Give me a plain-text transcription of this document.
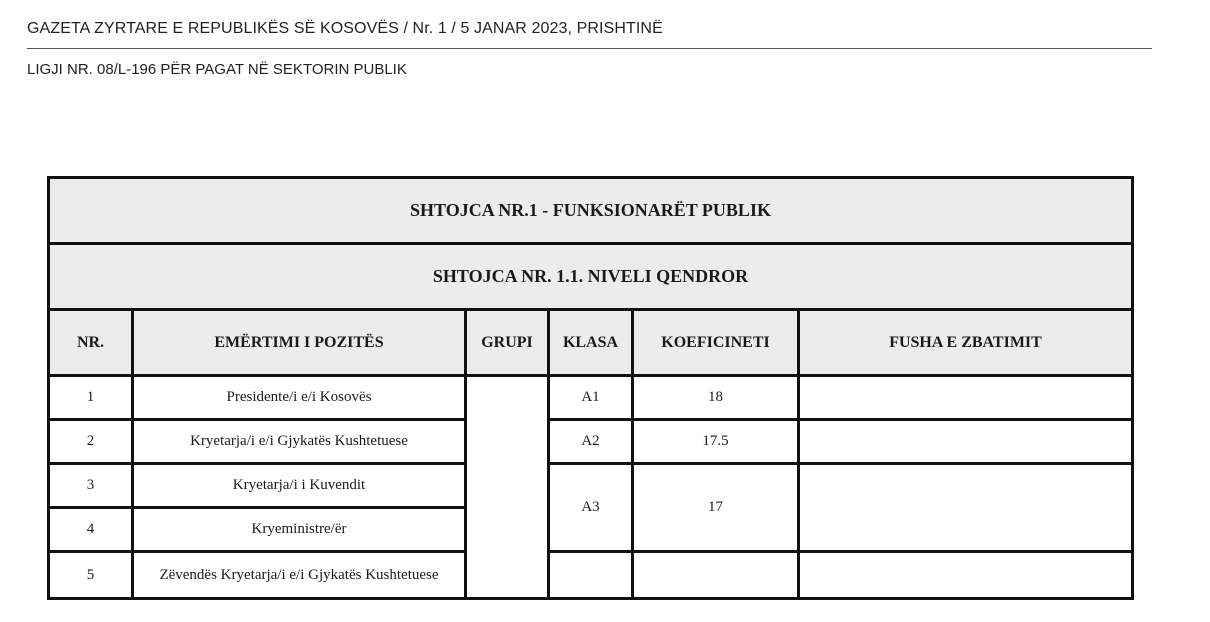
GAZETA ZYRTARE E REPUBLIKËS SË KOSOVËS / Nr. 1 / 5 JANAR 2023, PRISHTINË
LIGJI NR. 08/L-196 PËR PAGAT NË SEKTORIN PUBLIK
SHTOJCA NR.1 - FUNKSIONARËT PUBLIK					
SHTOJCA NR. 1.1. NIVELI QENDROR					
NR.	EMËRTIMI I POZITËS	GRUPI	KLASA	KOEFICINETI	FUSHA E ZBATIMIT
1	Presidente/i e/i Kosovës		A1	18	
2	Kryetarja/i e/i Gjykatës Kushtetuese		A2	17.5	
3	Kryetarja/i i Kuvendit		A3	17	
4	Kryeministre/ër				
5	Zëvendës Kryetarja/i e/i Gjykatës Kushtetuese				
